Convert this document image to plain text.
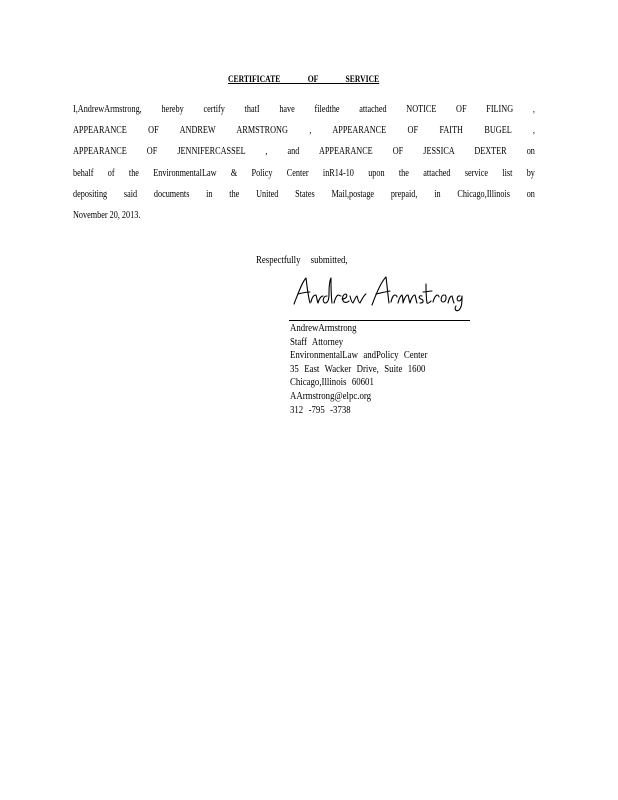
CERTIFICATE OF SERVICE
I,AndrewArmstrong, hereby certify thatI have filedthe attached NOTICE OF FILING ,
APPEARANCE OF ANDREW ARMSTRONG , APPEARANCE OF FAITH BUGEL ,
APPEARANCE OF JENNIFERCASSEL , and APPEARANCE OF JESSICA DEXTER on
behalf of the EnvironmentalLaw & Policy Center inR14-10 upon the attached service list by
depositing said documents in the United States Mail,postage prepaid, in Chicago,Illinois on
November 20, 2013.
Respectfully submitted,
AndrewArmstrong
Staff Attorney
EnvironmentalLaw andPolicy Center
35 East Wacker Drive, Suite 1600
Chicago,Illinois 60601
AArmstrong@elpc.org
312 -795 -3738
